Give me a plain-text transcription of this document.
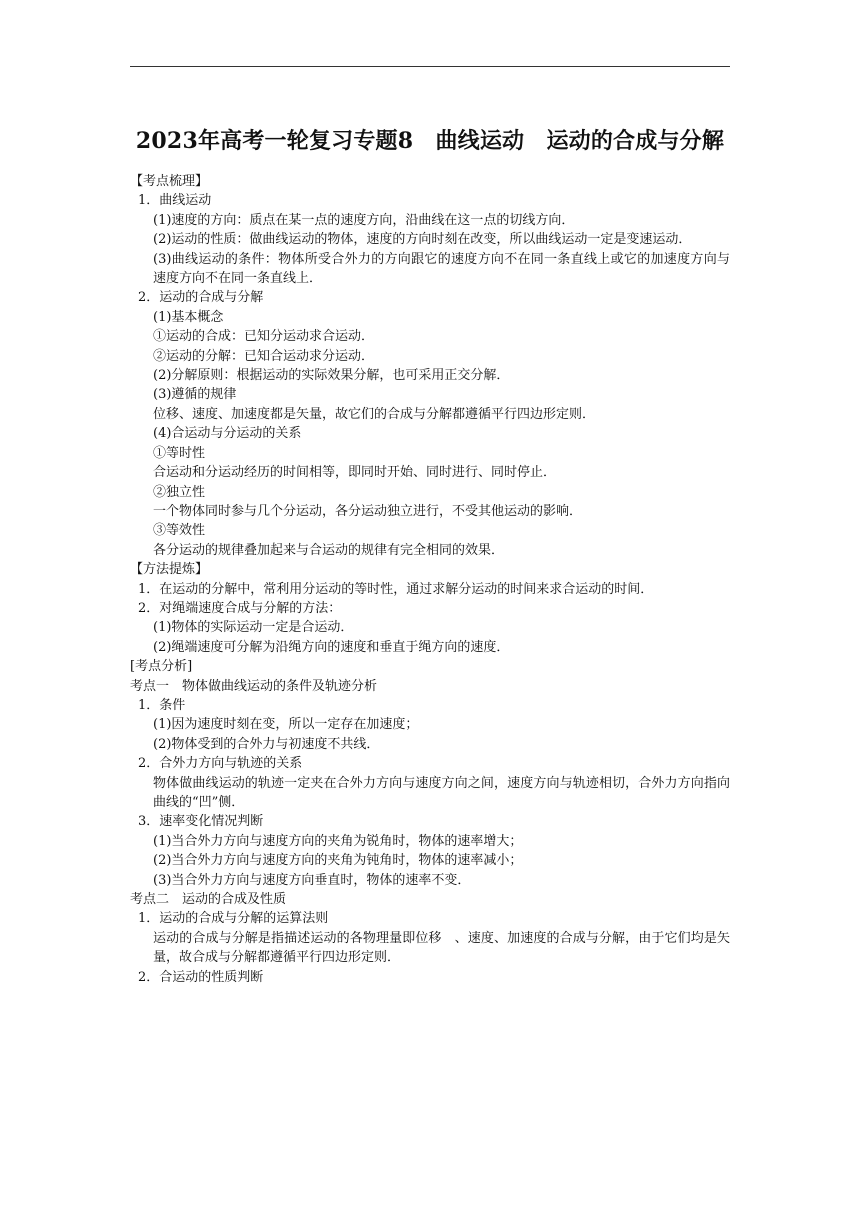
2023年高考一轮复习专题8　曲线运动　运动的合成与分解
【考点梳理】
1．曲线运动
(1)速度的方向：质点在某一点的速度方向，沿曲线在这一点的切线方向．
(2)运动的性质：做曲线运动的物体，速度的方向时刻在改变，所以曲线运动一定是变速运动．
(3)曲线运动的条件：物体所受合外力的方向跟它的速度方向不在同一条直线上或它的加速度方向与速度方向不在同一条直线上．
2．运动的合成与分解
(1)基本概念
①运动的合成：已知分运动求合运动．
②运动的分解：已知合运动求分运动．
(2)分解原则：根据运动的实际效果分解，也可采用正交分解．
(3)遵循的规律
位移、速度、加速度都是矢量，故它们的合成与分解都遵循平行四边形定则．
(4)合运动与分运动的关系
①等时性
合运动和分运动经历的时间相等，即同时开始、同时进行、同时停止．
②独立性
一个物体同时参与几个分运动，各分运动独立进行，不受其他运动的影响．
③等效性
各分运动的规律叠加起来与合运动的规律有完全相同的效果．
【方法提炼】
1．在运动的分解中，常利用分运动的等时性，通过求解分运动的时间来求合运动的时间．
2．对绳端速度合成与分解的方法：
(1)物体的实际运动一定是合运动．
(2)绳端速度可分解为沿绳方向的速度和垂直于绳方向的速度．
[考点分析]
考点一　物体做曲线运动的条件及轨迹分析
1．条件
(1)因为速度时刻在变，所以一定存在加速度；
(2)物体受到的合外力与初速度不共线．
2．合外力方向与轨迹的关系
物体做曲线运动的轨迹一定夹在合外力方向与速度方向之间，速度方向与轨迹相切，合外力方向指向曲线的“凹”侧．
3．速率变化情况判断
(1)当合外力方向与速度方向的夹角为锐角时，物体的速率增大；
(2)当合外力方向与速度方向的夹角为钝角时，物体的速率减小；
(3)当合外力方向与速度方向垂直时，物体的速率不变．
考点二　运动的合成及性质
1．运动的合成与分解的运算法则
运动的合成与分解是指描述运动的各物理量即位移　、速度、加速度的合成与分解，由于它们均是矢量，故合成与分解都遵循平行四边形定则．
2．合运动的性质判断
